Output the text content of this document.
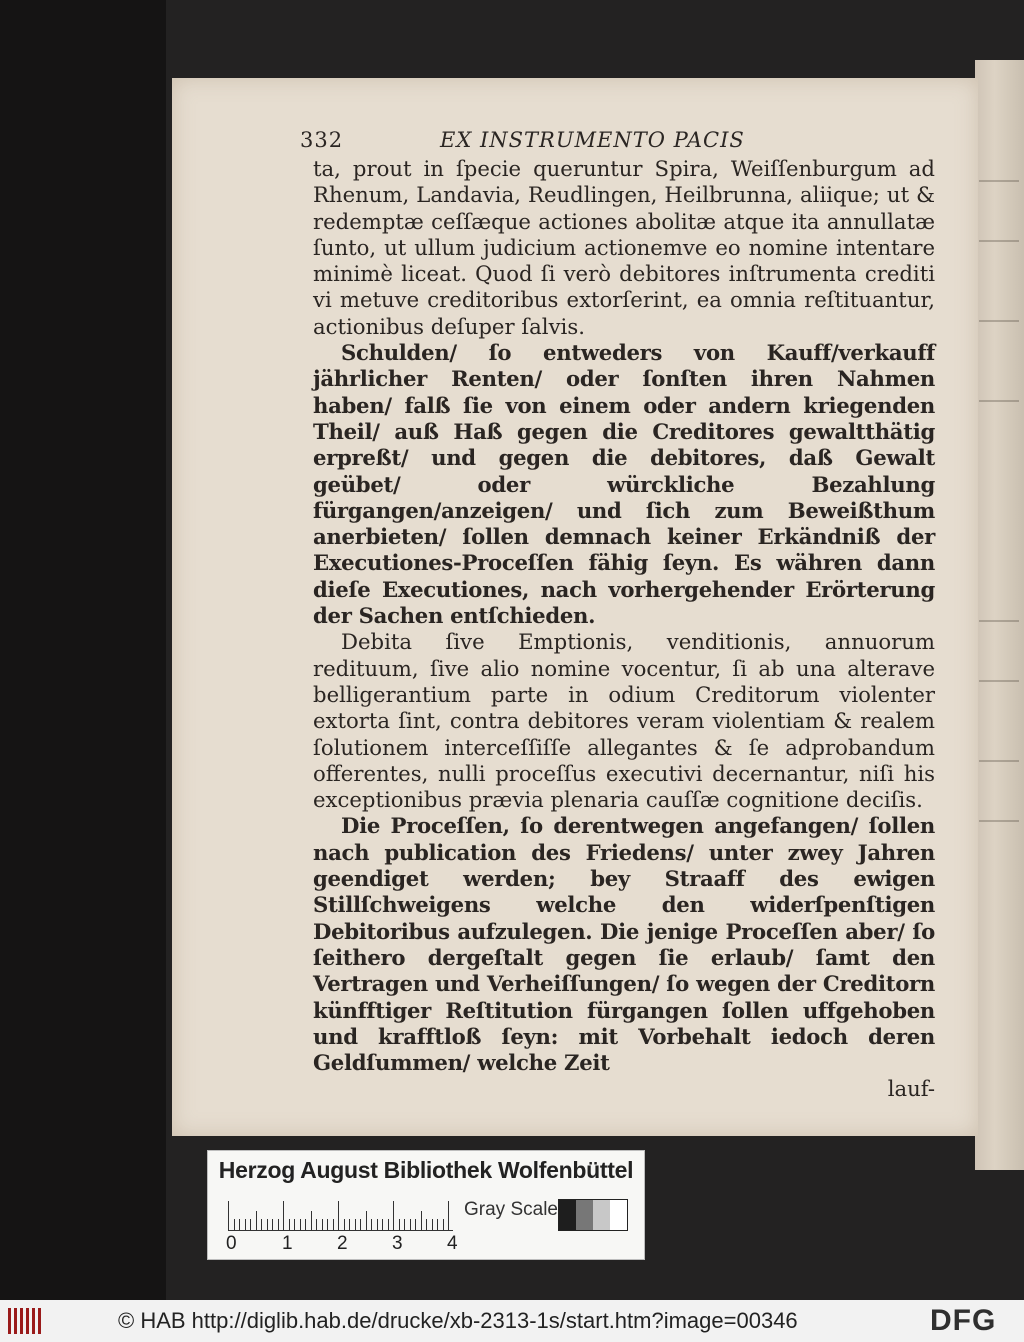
332	EX INSTRUMENTO PACIS

ta, prout in ſpecie queruntur Spira, Weiſſenburgum ad Rhenum, Landavia, Reudlingen, Heilbrunna, aliique; ut & redemptæ ceſſæque actiones abolitæ atque ita annullatæ ſunto, ut ullum judicium actionemve eo nomine intentare minimè liceat. Quod ſi verò debitores inſtrumenta crediti vi metuve creditoribus extorſerint, ea omnia reſtituantur, actionibus deſuper ſalvis.

Schulden/ ſo entweders von Kauff/verkauff jährlicher Renten/ oder ſonſten ihren Nahmen haben/ falß ſie von einem oder andern kriegenden Theil/ auß Haß gegen die Creditores gewaltthätig erpreßt/ und gegen die debitores, daß Gewalt geübet/ oder würckliche Bezahlung fürgangen/anzeigen/ und ſich zum Beweißthum anerbieten/ ſollen demnach keiner Erkändniß der Executiones-Proceſſen fähig ſeyn. Es währen dann dieſe Executiones, nach vorhergehender Erörterung der Sachen entſchieden.

Debita ſive Emptionis, venditionis, annuorum redituum, ſive alio nomine vocentur, ſi ab una alterave belligerantium parte in odium Creditorum violenter extorta ſint, contra debitores veram violentiam & realem ſolutionem interceſſiſſe allegantes & ſe adprobandum offerentes, nulli proceſſus executivi decernantur, niſi his exceptionibus prævia plenaria cauſſæ cognitione deciſis.

Die Proceſſen, ſo derentwegen angefangen/ ſollen nach publication des Friedens/ unter zwey Jahren geendiget werden; bey Straaff des ewigen Stillſchweigens welche den widerſpenſtigen Debitoribus aufzulegen. Die jenige Proceſſen aber/ ſo ſeithero dergeſtalt gegen ſie erlaub/ ſamt den Vertragen und Verheiſſungen/ ſo wegen der Creditorn künfftiger Reſtitution fürgangen ſollen uffgehoben und krafftloß ſeyn: mit Vorbehalt iedoch deren Geldſummen/ welche Zeit

lauf-

Herzog August Bibliothek Wolfenbüttel
Gray Scale
0 1 2 3 4
© HAB http://diglib.hab.de/drucke/xb-2313-1s/start.htm?image=00346	DFG
